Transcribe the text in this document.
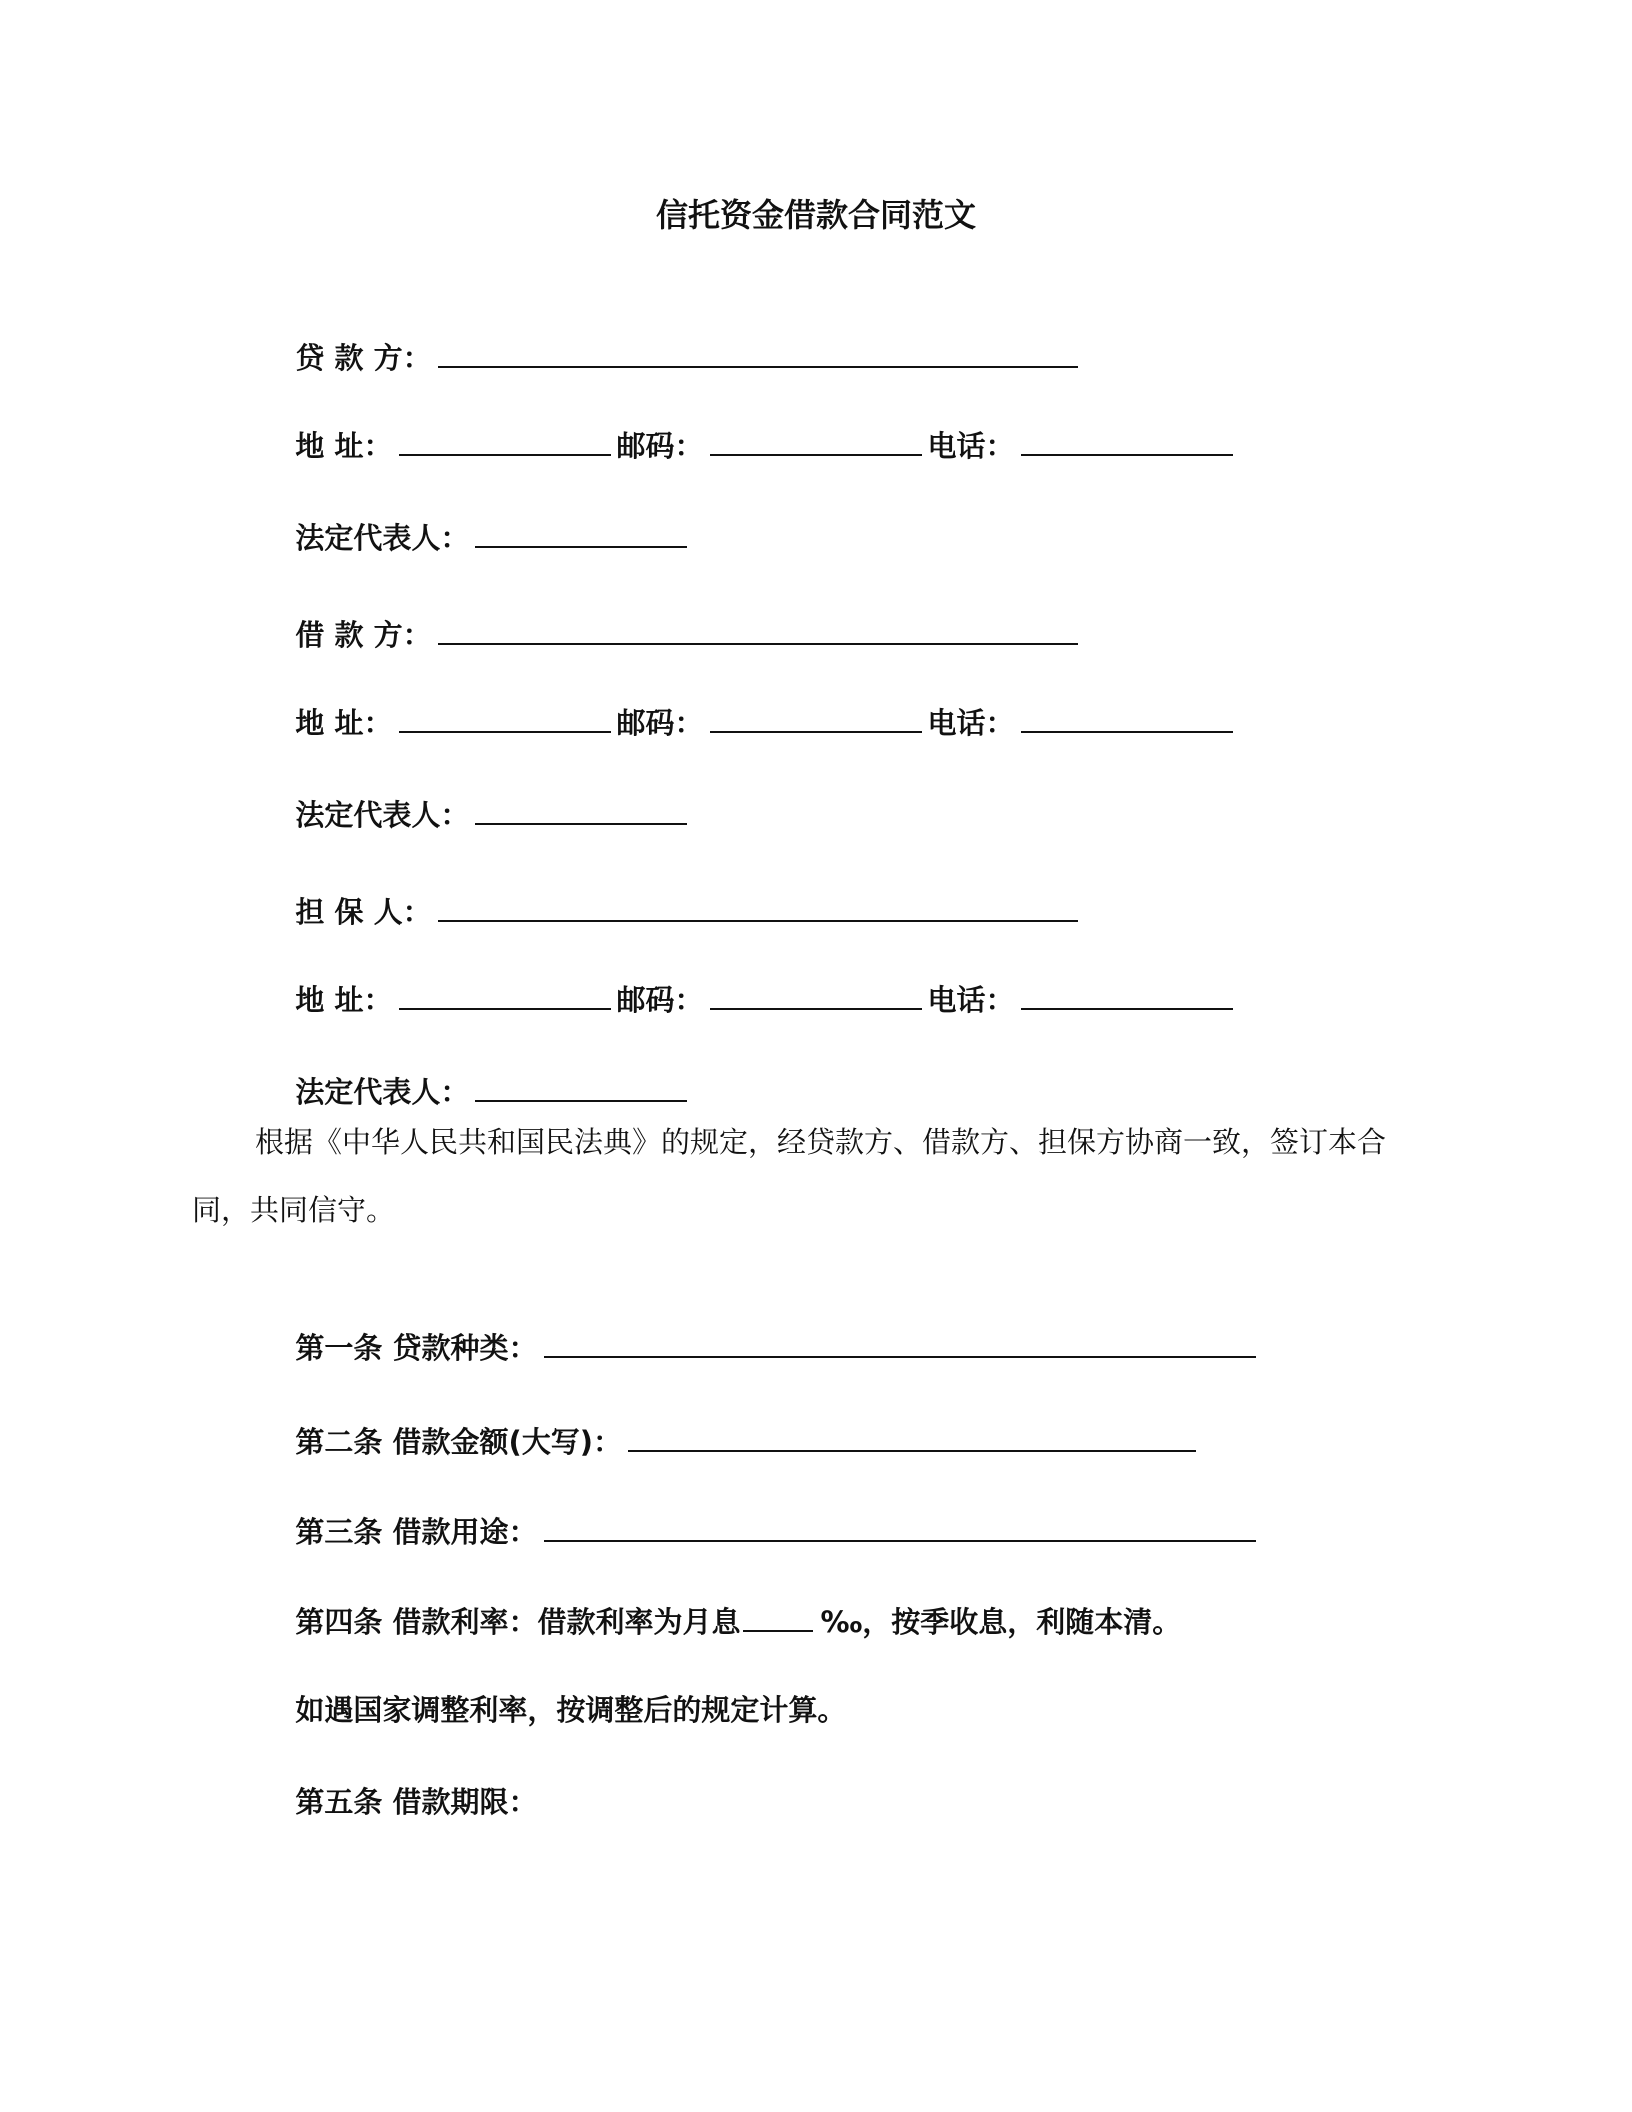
信托资金借款合同范文

贷 款 方：

地 址：	邮码：	电话：

法定代表人：

借 款 方：

地 址：	邮码：	电话：

法定代表人：

担 保 人：

地 址：	邮码：	电话：

法定代表人：

根据《中华人民共和国民法典》的规定，经贷款方、借款方、担保方协商一致，签订本合同，共同信守。

第一条 贷款种类：

第二条 借款金额(大写)：

第三条 借款用途：

第四条 借款利率：借款利率为月息	‰，按季收息，利随本清。

如遇国家调整利率，按调整后的规定计算。

第五条 借款期限：
